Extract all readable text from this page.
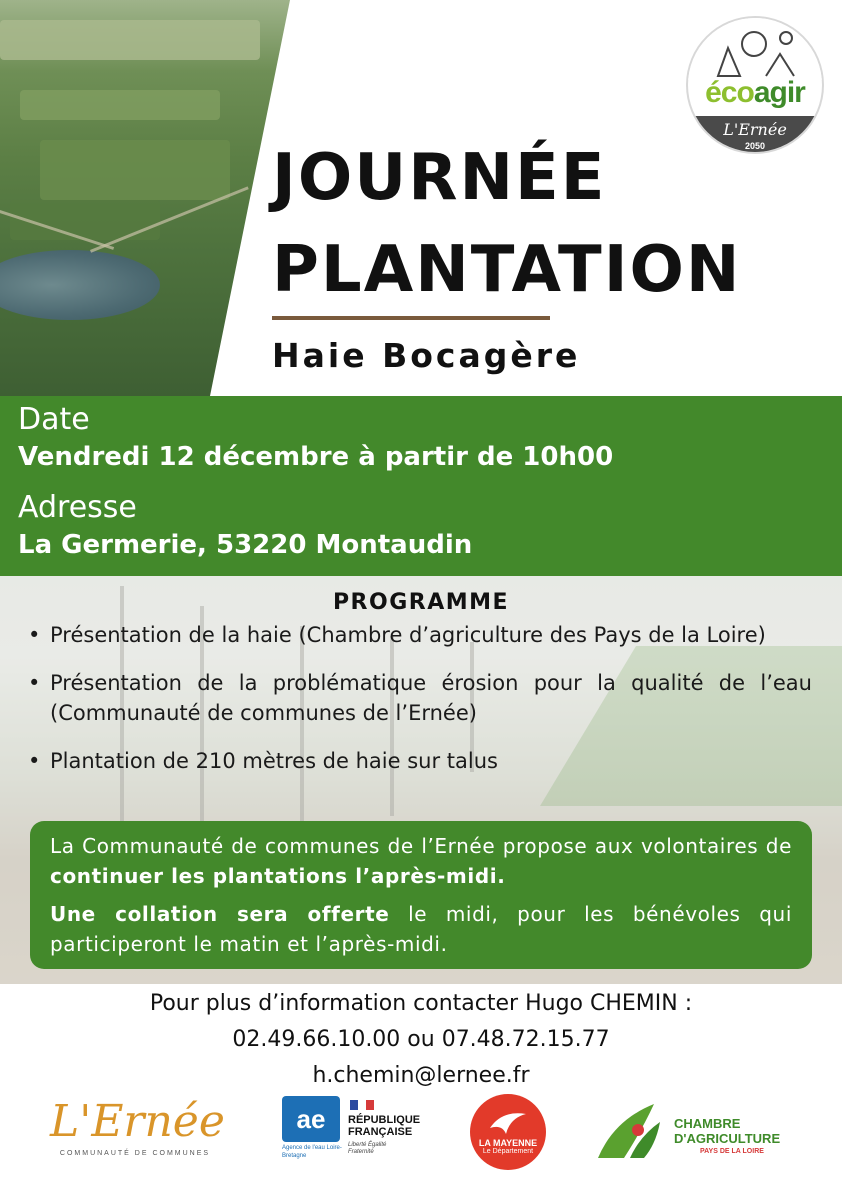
écoagir
L'Ernée
2050
JOURNÉE
PLANTATION
Haie Bocagère
Date
Vendredi 12 décembre à partir de 10h00
Adresse
La Germerie, 53220 Montaudin
PROGRAMME
• Présentation de la haie (Chambre d’agriculture des Pays de la Loire)
• Présentation de la problématique érosion pour la qualité de l’eau (Communauté de communes de l’Ernée)
• Plantation de 210 mètres de haie sur talus

La Communauté de communes de l’Ernée propose aux volontaires de continuer les plantations l’après-midi.

Une collation sera offerte le midi, pour les bénévoles qui participeront le matin et l’après-midi.

Pour plus d’information contacter Hugo CHEMIN :
02.49.66.10.00 ou 07.48.72.15.77
h.chemin@lernee.fr
L'Ernée
COMMUNAUTÉ DE COMMUNES
ae
Agence de l'eau Loire-Bretagne
RÉPUBLIQUE FRANÇAISE
Liberté Égalité Fraternité
LA MAYENNE
Le Département
CHAMBRE D'AGRICULTURE
PAYS DE LA LOIRE
